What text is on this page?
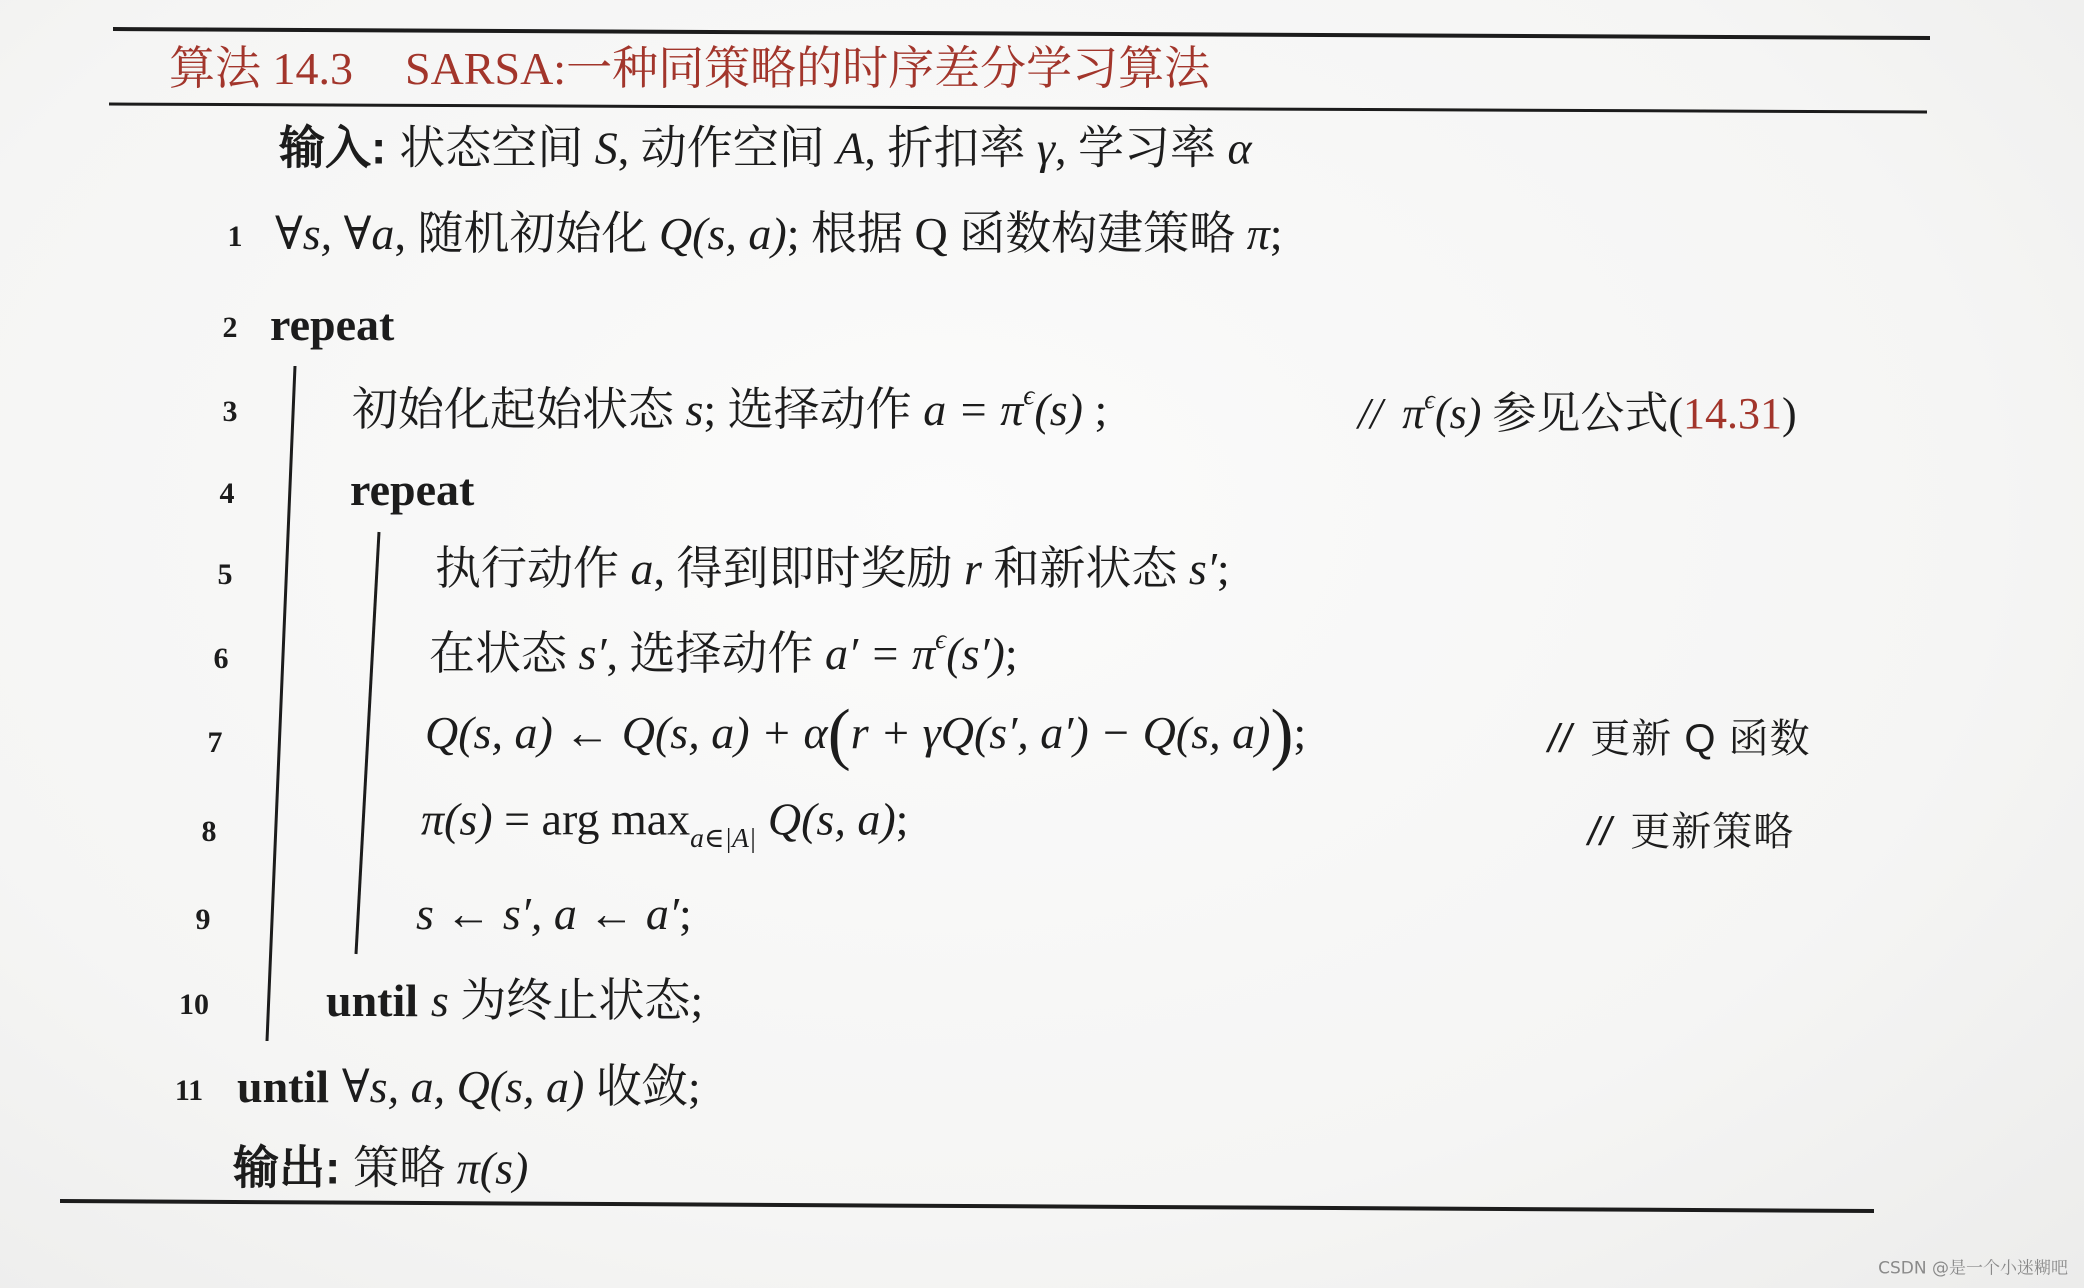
算法 14.3 SARSA:一种同策略的时序差分学习算法
输入: 状态空间 S, 动作空间 A, 折扣率 γ, 学习率 α
1
2
3
4
5
6
7
8
9
10
11
∀s, ∀a, 随机初始化 Q(s, a); 根据 Q 函数构建策略 π;
repeat
初始化起始状态 s; 选择动作 $a = \pi^\epsilon(s)$ ;	// $\pi^\epsilon(s)$ 参见公式(14.31)
repeat
执行动作 a, 得到即时奖励 r 和新状态 s′;
在状态 s′, 选择动作 $a' = \pi^\epsilon(s')$;
Q(s, a) ← Q(s, a) + α(r + γQ(s′, a′) − Q(s, a));	// 更新 Q 函数
π(s) = arg $\max_{a\in|A|} Q(s$, a);	// 更新策略
s ← s′, a ← a′;
until s 为终止状态;
until ∀s, a, Q(s, a) 收敛;
输出: 策略 π(s)
CSDN @是一个小迷糊吧
